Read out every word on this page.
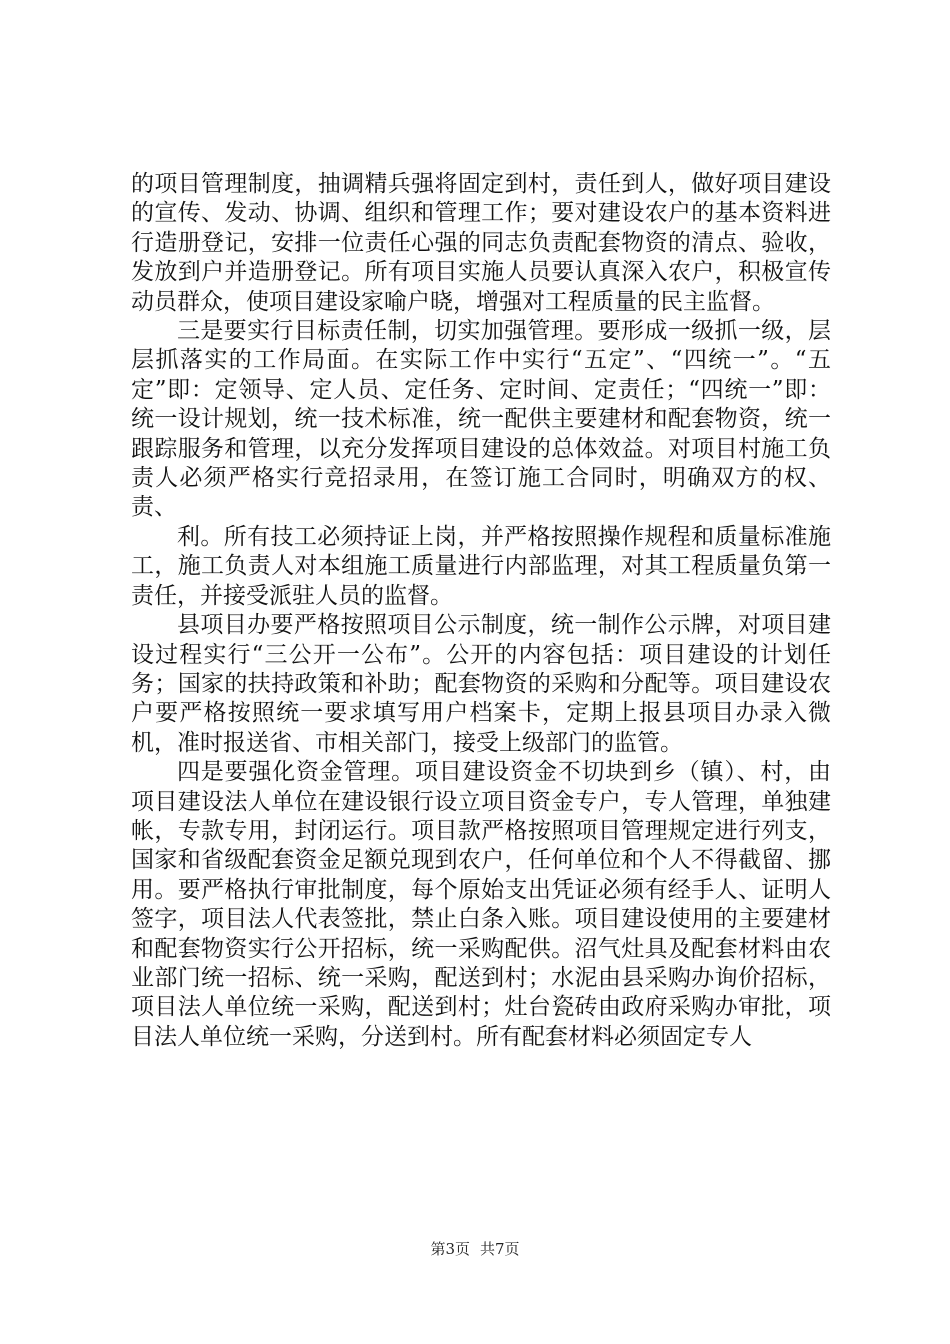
的项目管理制度，抽调精兵强将固定到村，责任到人，做好项目建设的宣传、发动、协调、组织和管理工作；要对建设农户的基本资料进行造册登记，安排一位责任心强的同志负责配套物资的清点、验收，发放到户并造册登记。所有项目实施人员要认真深入农户，积极宣传动员群众，使项目建设家喻户晓，增强对工程质量的民主监督。

三是要实行目标责任制，切实加强管理。要形成一级抓一级，层层抓落实的工作局面。在实际工作中实行“五定”、“四统一”。“五定”即：定领导、定人员、定任务、定时间、定责任；“四统一”即：统一设计规划，统一技术标准，统一配供主要建材和配套物资，统一跟踪服务和管理，以充分发挥项目建设的总体效益。对项目村施工负责人必须严格实行竞招录用，在签订施工合同时，明确双方的权、责、

利。所有技工必须持证上岗，并严格按照操作规程和质量标准施工，施工负责人对本组施工质量进行内部监理，对其工程质量负第一责任，并接受派驻人员的监督。

县项目办要严格按照项目公示制度，统一制作公示牌，对项目建设过程实行“三公开一公布”。公开的内容包括：项目建设的计划任务；国家的扶持政策和补助；配套物资的采购和分配等。项目建设农户要严格按照统一要求填写用户档案卡，定期上报县项目办录入微机，准时报送省、市相关部门，接受上级部门的监管。

四是要强化资金管理。项目建设资金不切块到乡（镇）、村，由项目建设法人单位在建设银行设立项目资金专户，专人管理，单独建帐，专款专用，封闭运行。项目款严格按照项目管理规定进行列支，国家和省级配套资金足额兑现到农户，任何单位和个人不得截留、挪用。要严格执行审批制度，每个原始支出凭证必须有经手人、证明人签字，项目法人代表签批，禁止白条入账。项目建设使用的主要建材和配套物资实行公开招标，统一采购配供。沼气灶具及配套材料由农业部门统一招标、统一采购，配送到村；水泥由县采购办询价招标，项目法人单位统一采购，配送到村；灶台瓷砖由政府采购办审批，项目法人单位统一采购，分送到村。所有配套材料必须固定专人

第3页 共7页
